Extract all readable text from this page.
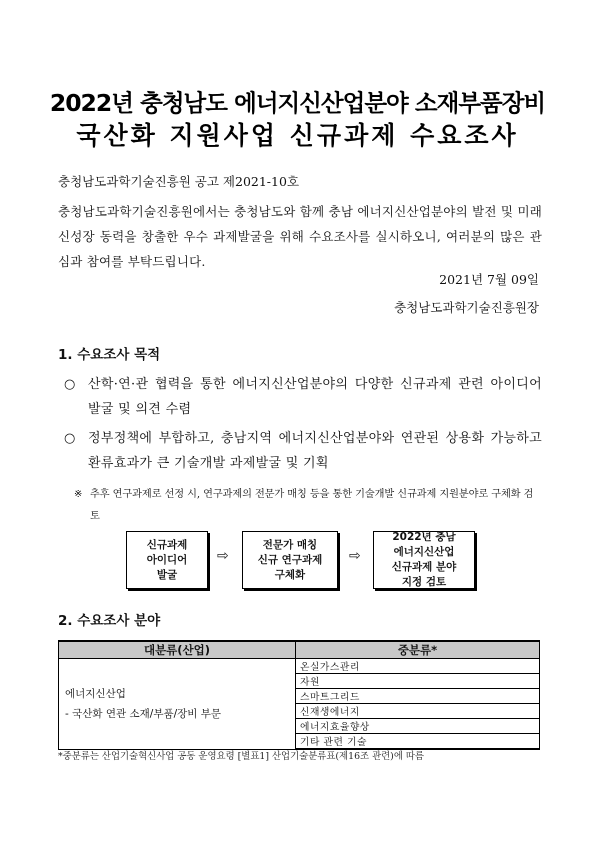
2022년 충청남도 에너지신산업분야 소재부품장비
국산화 지원사업 신규과제 수요조사
충청남도과학기술진흥원 공고 제2021-10호
충청남도과학기술진흥원에서는 충청남도와 함께 충남 에너지신산업분야의 발전 및 미래 신성장 동력을 창출한 우수 과제발굴을 위해 수요조사를 실시하오니, 여러분의 많은 관심과 참여를 부탁드립니다.
2021년 7월 09일
충청남도과학기술진흥원장
1. 수요조사 목적
○ 산학·연·관 협력을 통한 에너지신산업분야의 다양한 신규과제 관련 아이디어 발굴 및 의견 수렴
○ 정부정책에 부합하고, 충남지역 에너지신산업분야와 연관된 상용화 가능하고 환류효과가 큰 기술개발 과제발굴 및 기획
※ 추후 연구과제로 선정 시, 연구과제의 전문가 매칭 등을 통한 기술개발 신규과제 지원분야로 구체화 검토
신규과제
아이디어
발굴
⇨
전문가 매칭
신규 연구과제
구체화
⇨
2022년 충남
에너지신산업
신규과제 분야
지정 검토
2. 수요조사 분야
대분류(산업)	중분류*

에너지신산업
- 국산화 연관 소재/부품/장비 부문	온실가스관리
	자원
	스마트그리드
	신재생에너지
	에너지효율향상
	기타 관련 기술
*중분류는 산업기술혁신사업 공동 운영요령 [별표1] 산업기술분류표(제16조 관련)에 따름
